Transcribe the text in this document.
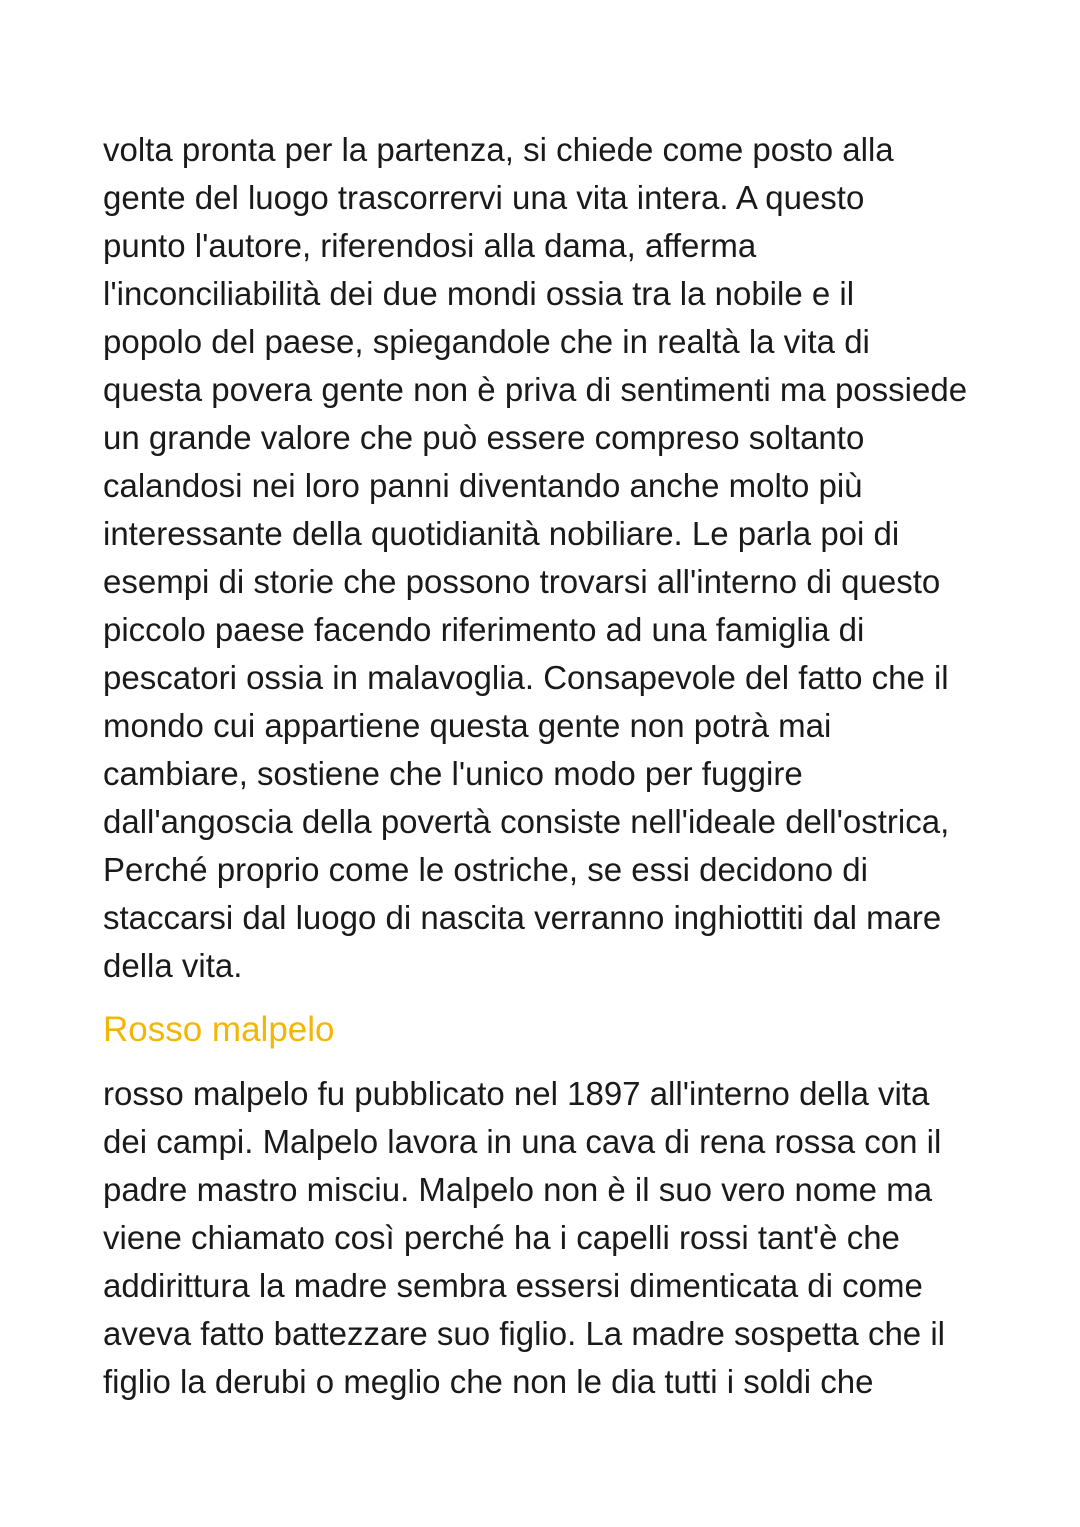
volta pronta per la partenza, si chiede come posto alla
gente del luogo trascorrervi una vita intera. A questo
punto l'autore, riferendosi alla dama, afferma
l'inconciliabilità dei due mondi ossia tra la nobile e il
popolo del paese, spiegandole che in realtà la vita di
questa povera gente non è priva di sentimenti ma possiede
un grande valore che può essere compreso soltanto
calandosi nei loro panni diventando anche molto più
interessante della quotidianità nobiliare. Le parla poi di
esempi di storie che possono trovarsi all'interno di questo
piccolo paese facendo riferimento ad una famiglia di
pescatori ossia in malavoglia. Consapevole del fatto che il
mondo cui appartiene questa gente non potrà mai
cambiare, sostiene che l'unico modo per fuggire
dall'angoscia della povertà consiste nell'ideale dell'ostrica,
Perché proprio come le ostriche, se essi decidono di
staccarsi dal luogo di nascita verranno inghiottiti dal mare
della vita.
Rosso malpelo
rosso malpelo fu pubblicato nel 1897 all'interno della vita
dei campi. Malpelo lavora in una cava di rena rossa con il
padre mastro misciu. Malpelo non è il suo vero nome ma
viene chiamato così perché ha i capelli rossi tant'è che
addirittura la madre sembra essersi dimenticata di come
aveva fatto battezzare suo figlio. La madre sospetta che il
figlio la derubi o meglio che non le dia tutti i soldi che
